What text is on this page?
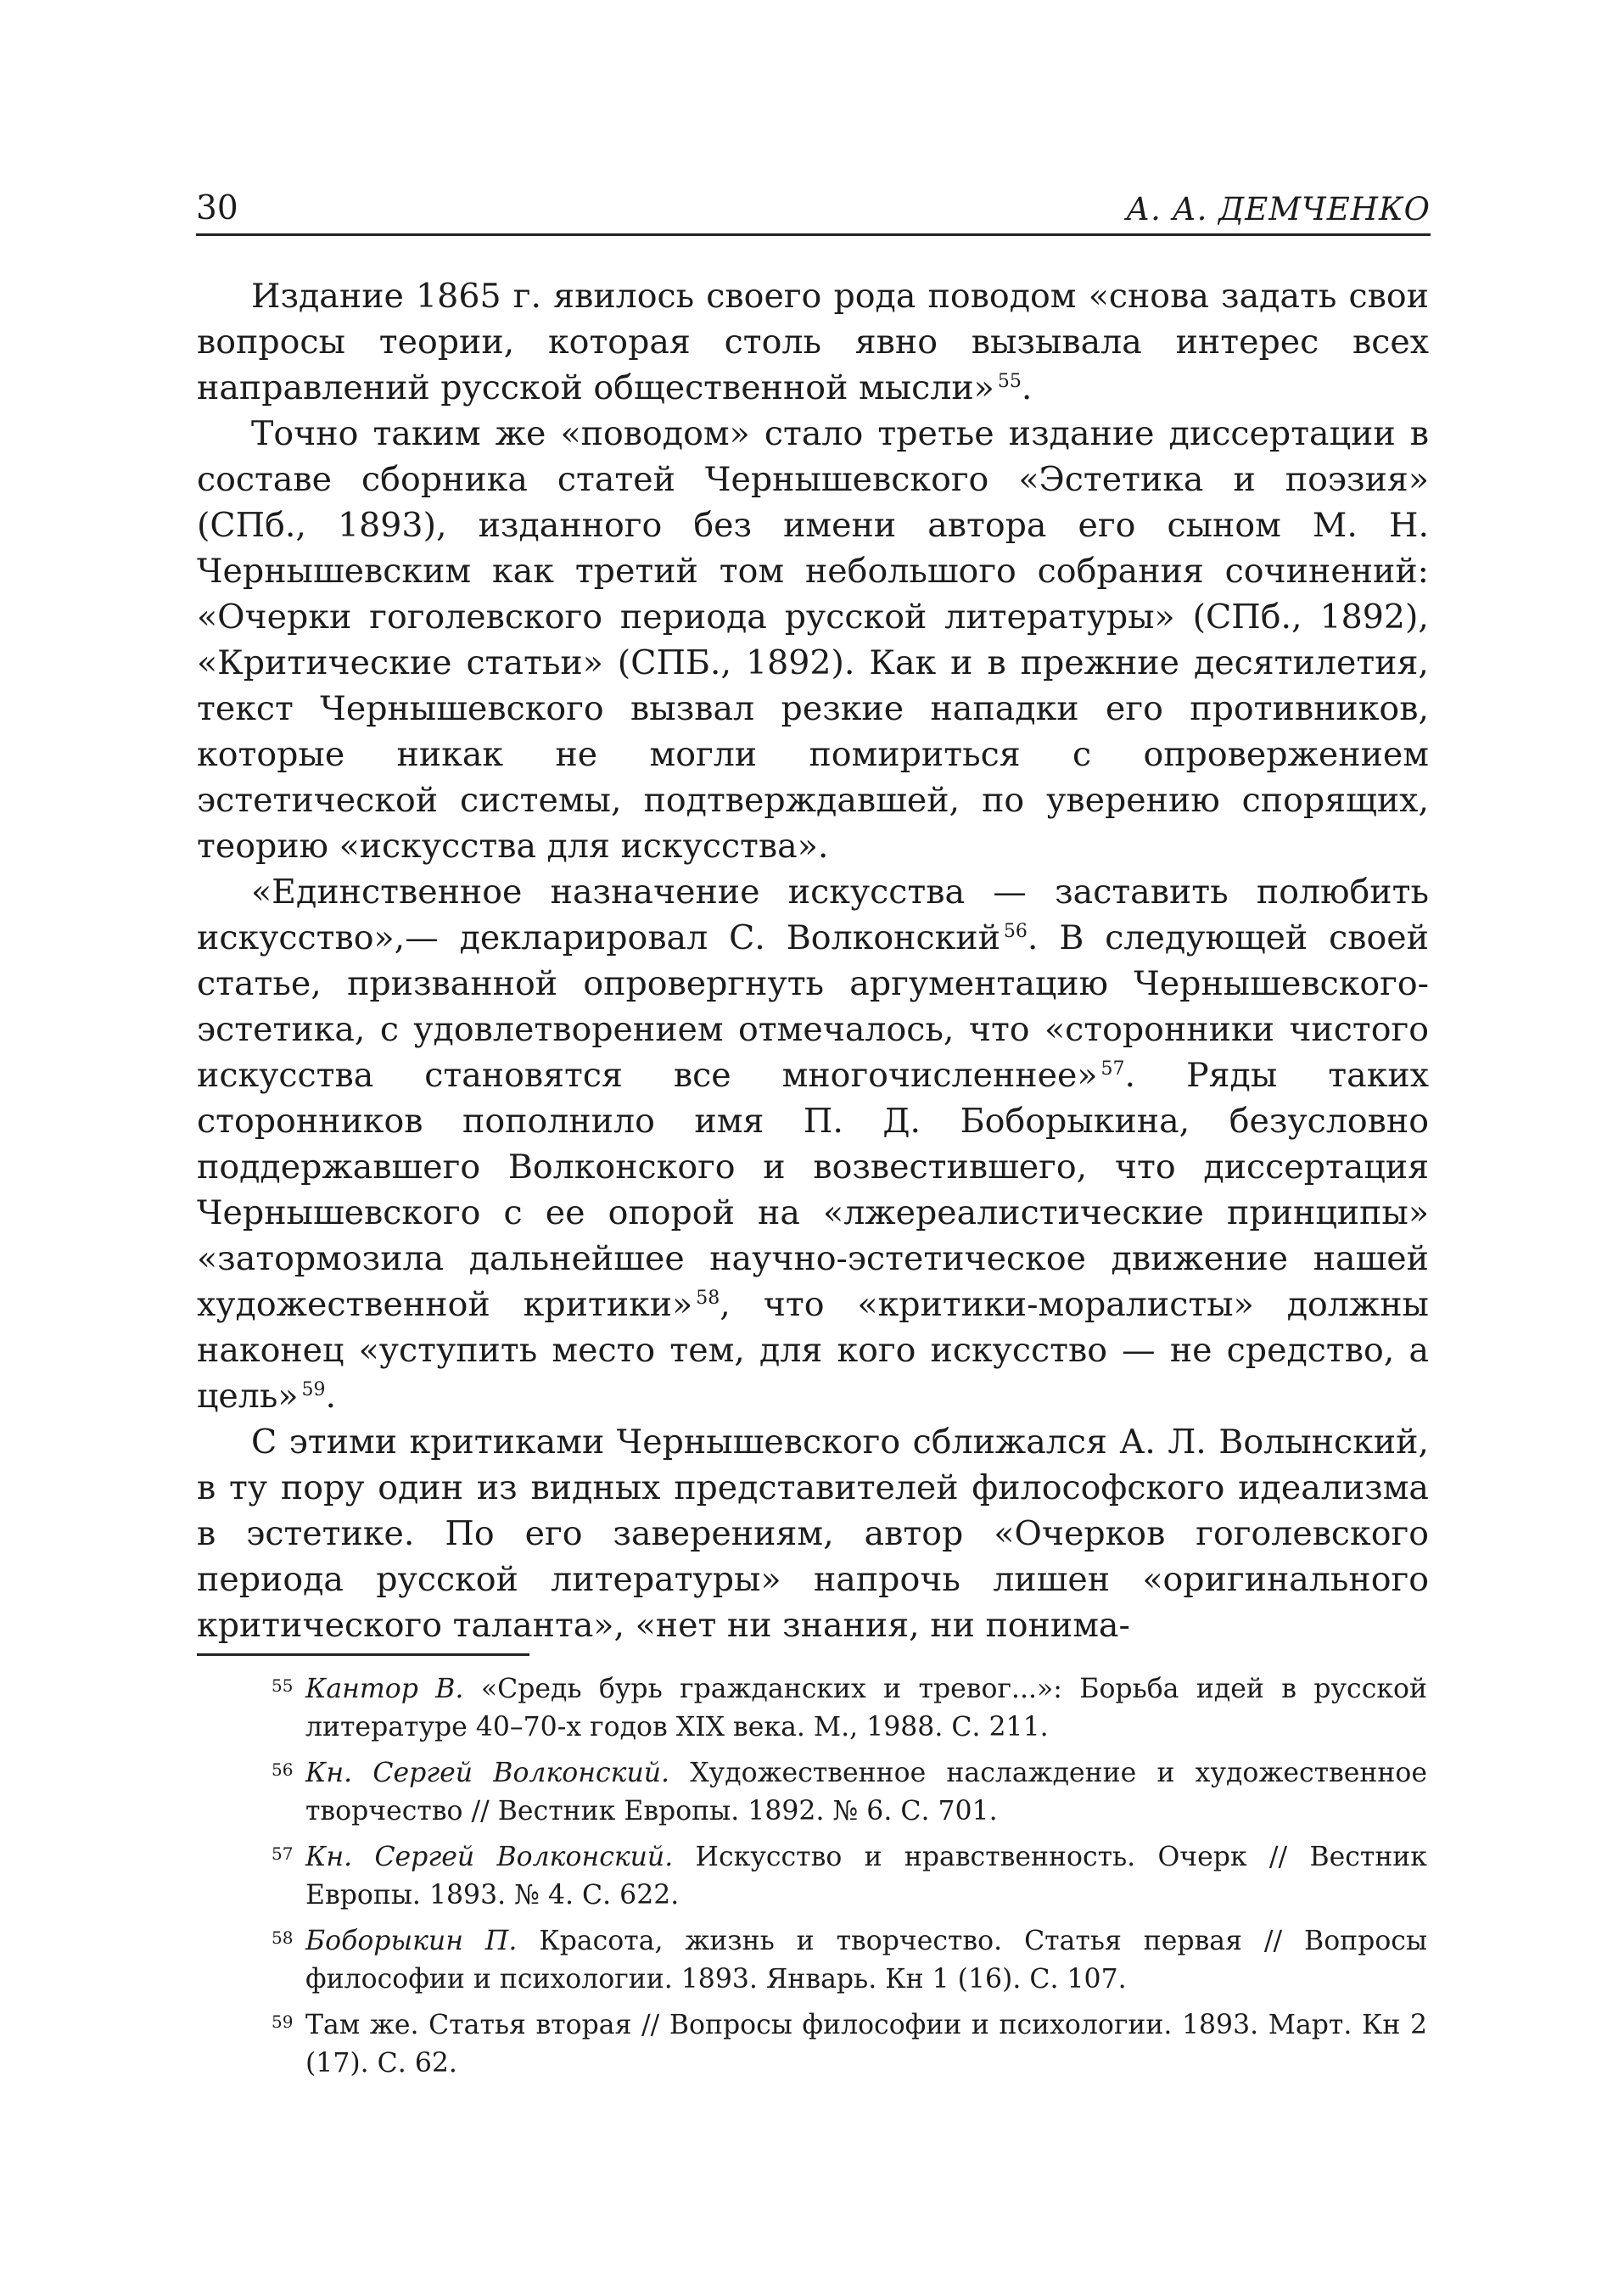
30	А. А. ДЕМЧЕНКО

Издание 1865 г. явилось своего рода поводом «снова задать свои вопросы теории, которая столь явно вызывала интерес всех направлений русской общественной мысли» $^{55}$.

Точно таким же «поводом» стало третье издание диссертации в составе сборника статей Чернышевского «Эстетика и поэзия» (СПб., 1893), изданного без имени автора его сыном М. Н. Чернышевским как третий том небольшого собрания сочинений: «Очерки гоголевского периода русской литературы» (СПб., 1892), «Критические статьи» (СПБ., 1892). Как и в прежние десятилетия, текст Чернышевского вызвал резкие нападки его противников, которые никак не могли помириться с опровержением эстетической системы, подтверждавшей, по уверению спорящих, теорию «искусства для искусства».

«Единственное назначение искусства — заставить полюбить искусство»,— декларировал С. Волконский $^{56}$. В следующей своей статье, призванной опровергнуть аргументацию Чернышевского-эстетика, с удовлетворением отмечалось, что «сторонники чистого искусства становятся все многочисленнее» $^{57}$. Ряды таких сторонников пополнило имя П. Д. Боборыкина, безусловно поддержавшего Волконского и возвестившего, что диссертация Чернышевского с ее опорой на «лжереалистические принципы» «затормозила дальнейшее научно-эстетическое движение нашей художественной критики» $^{58}$, что «критики-моралисты» должны наконец «уступить место тем, для кого искусство — не средство, а цель» $^{59}$.

С этими критиками Чернышевского сближался А. Л. Волынский, в ту пору один из видных представителей философского идеализма в эстетике. По его заверениям, автор «Очерков гоголевского периода русской литературы» напрочь лишен «оригинального критического таланта», «нет ни знания, ни понима-

55 Кантор В. «Средь бурь гражданских и тревог...»: Борьба идей в русской литературе 40–70-х годов XIX века. М., 1988. С. 211.

56 Кн. Сергей Волконский. Художественное наслаждение и художественное творчество // Вестник Европы. 1892. № 6. С. 701.

57 Кн. Сергей Волконский. Искусство и нравственность. Очерк // Вестник Европы. 1893. № 4. С. 622.

58 Боборыкин П. Красота, жизнь и творчество. Статья первая // Вопросы философии и психологии. 1893. Январь. Кн 1 (16). С. 107.

59 Там же. Статья вторая // Вопросы философии и психологии. 1893. Март. Кн 2 (17). С. 62.
